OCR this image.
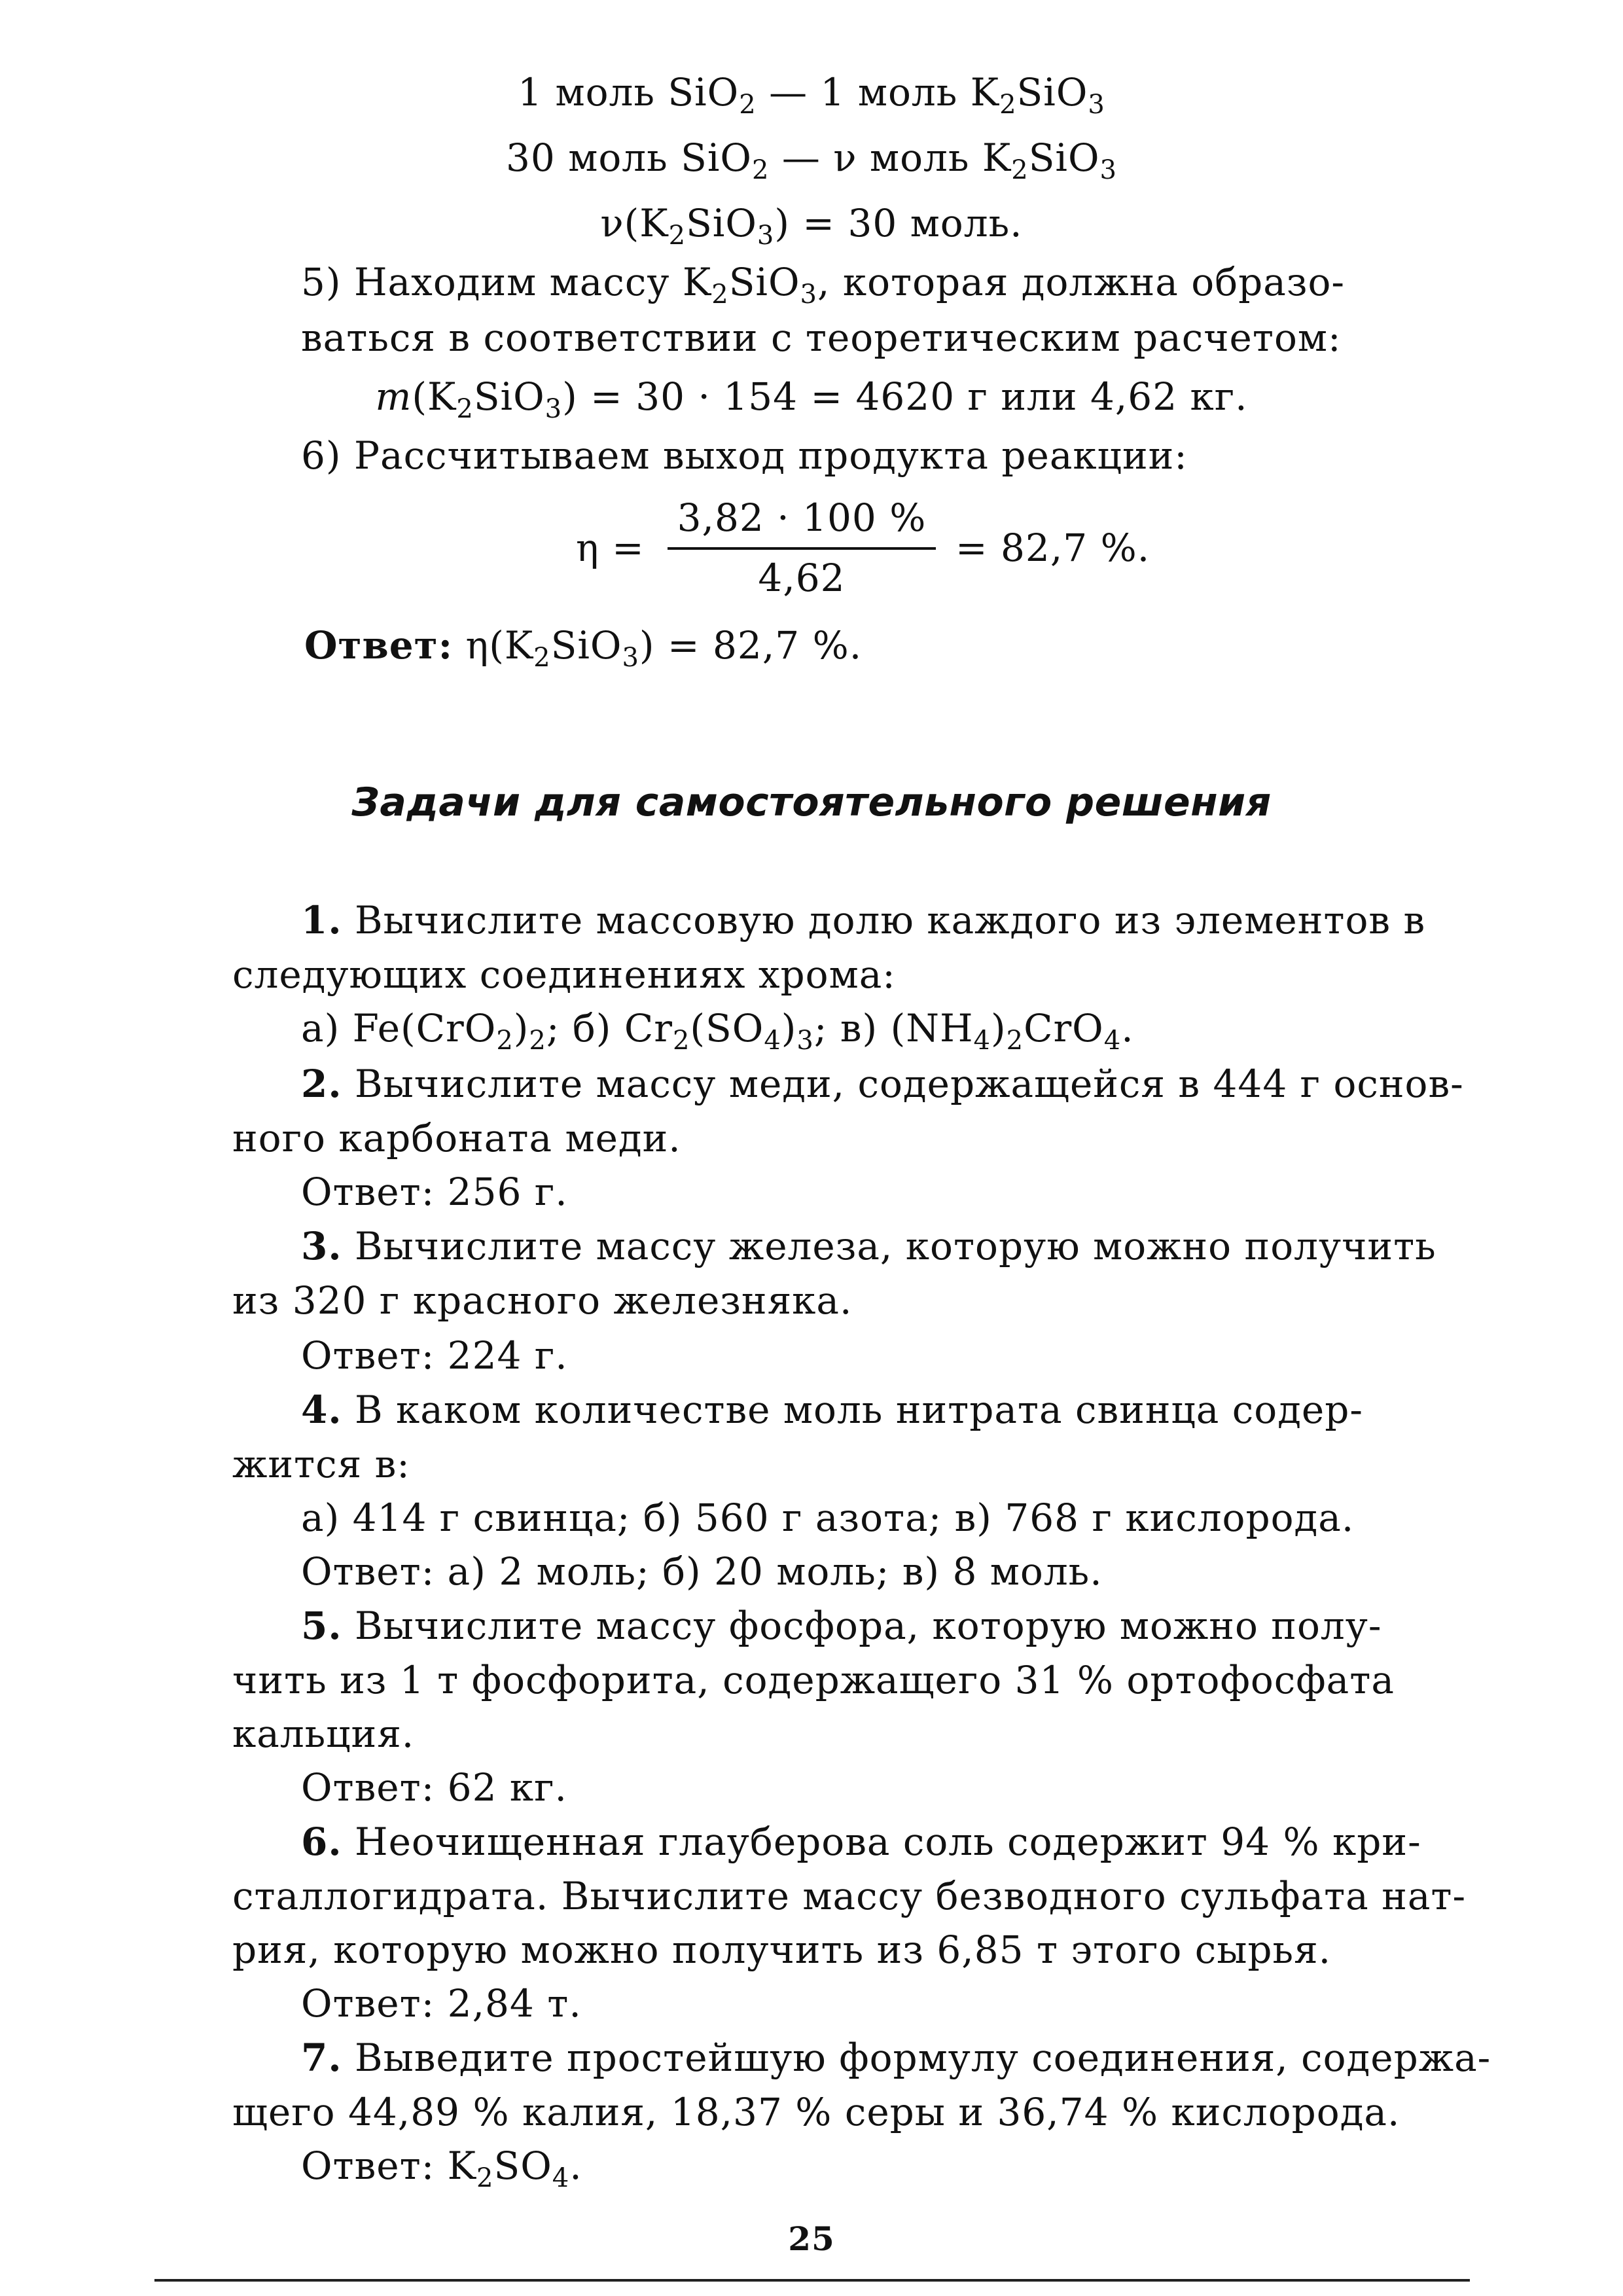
1 моль SiO$_2$ — 1 моль $K_2SiO_3$
30 моль SiO$_2$ — ν моль $K_2SiO_3$
$\nu(K_2SiO_3) = 30$ моль.
5) Находим массу $K_2SiO_3$, которая должна образо-
ваться в соответствии с теоретическим расчетом:
$m(K_2SiO_3) = 30 \cdot 154 = 4620$ г или 4,62 кг.
6) Рассчитываем выход продукта реакции:
η =
3,82 · 100 %
4,62
= 82,7 %.
Ответ: $\eta(K_2SiO_3) = 82,7$ %.
Задачи для самостоятельного решения
1. Вычислите массовую долю каждого из элементов в
следующих соединениях хрома:
а) $Fe(CrO_2)_2$; б) $Cr_2(SO_4)_3$; в) $(NH_4)_2CrO_4$.
2. Вычислите массу меди, содержащейся в 444 г основ-
ного карбоната меди.
Ответ: 256 г.
3. Вычислите массу железа, которую можно получить
из 320 г красного железняка.
Ответ: 224 г.
4. В каком количестве моль нитрата свинца содер-
жится в:
а) 414 г свинца; б) 560 г азота; в) 768 г кислорода.
Ответ: а) 2 моль; б) 20 моль; в) 8 моль.
5. Вычислите массу фосфора, которую можно полу-
чить из 1 т фосфорита, содержащего 31 % ортофосфата
кальция.
Ответ: 62 кг.
6. Неочищенная глауберова соль содержит 94 % кри-
сталлогидрата. Вычислите массу безводного сульфата нат-
рия, которую можно получить из 6,85 т этого сырья.
Ответ: 2,84 т.
7. Выведите простейшую формулу соединения, содержа-
щего 44,89 % калия, 18,37 % серы и 36,74 % кислорода.
Ответ: $K_2SO_4$.
25
